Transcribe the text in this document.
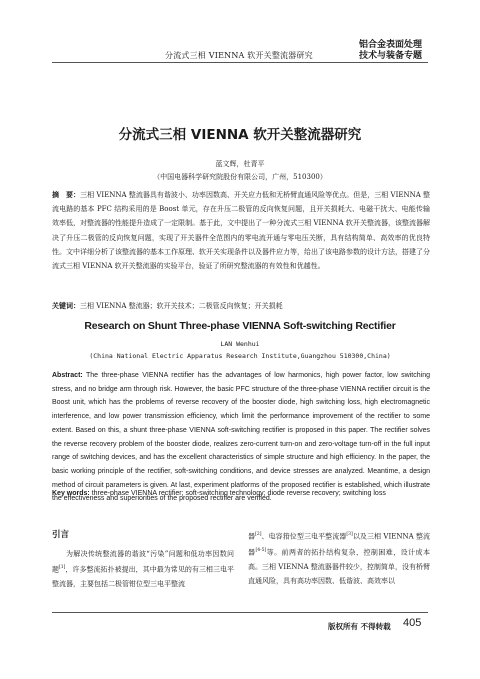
分流式三相 VIENNA 软开关整流器研究
铝合金表面处理
技术与装备专题
分流式三相 VIENNA 软开关整流器研究
蓝文辉，杜青平
（中国电器科学研究院股份有限公司，广州，510300）
摘　要：三相 VIENNA 整流器具有谐波小、功率因数高、开关应力低和无桥臂直通风险等优点。但是，三相 VIENNA 整流电路的基本 PFC 结构采用的是 Boost 单元，存在升压二极管的反向恢复问题，且开关损耗大、电磁干扰大、电能传输效率低，对整流器的性能提升造成了一定限制。基于此，文中提出了一种分流式三相 VIENNA 软开关整流器，该整流器解决了升压二极管的反向恢复问题，实现了开关器件全范围内的零电流开通与零电压关断，具有结构简单、高效率的优良特性。文中详细分析了该整流器的基本工作原理、软开关实现条件以及器件应力等，给出了该电路参数的设计方法，搭建了分流式三相 VIENNA 软开关整流器的实验平台，验证了所研究整流器的有效性和优越性。
关键词：三相 VIENNA 整流器；软开关技术；二极管反向恢复；开关损耗
Research on Shunt Three-phase VIENNA Soft-switching Rectifier
LAN Wenhui
(China National Electric Apparatus Research Institute,Guangzhou 510300,China)
Abstract: The three-phase VIENNA rectifier has the advantages of low harmonics, high power factor, low switching stress, and no bridge arm through risk. However, the basic PFC structure of the three-phase VIENNA rectifier circuit is the Boost unit, which has the problems of reverse recovery of the booster diode, high switching loss, high electromagnetic interference, and low power transmission efficiency, which limit the performance improvement of the rectifier to some extent. Based on this, a shunt three-phase VIENNA soft-switching rectifier is proposed in this paper. The rectifier solves the reverse recovery problem of the booster diode, realizes zero-current turn-on and zero-voltage turn-off in the full input range of switching devices, and has the excellent characteristics of simple structure and high efficiency. In the paper, the basic working principle of the rectifier, soft-switching conditions, and device stresses are analyzed. Meantime, a design method of circuit parameters is given. At last, experiment platforms of the proposed rectifier is established, which illustrate the effectiveness and superiorities of the proposed rectifier are verified.
Key words: three-phase VIENNA rectifier; soft-switching technology; diode reverse recovery; switching loss
引言

为解决传统整流器的谐波“污染”问题和低功率因数问题[1]，许多整流拓扑被提出，其中最为常见的有三相三电平整流器，主要包括二极管钳位型三电平整流

器[2]、电容箝位型三电平整流器[3]以及三相 VIENNA 整流器[4-5]等。前两者的拓扑结构复杂，控制困难，设计成本高。三相 VIENNA 整流器器件较少，控制简单，没有桥臂直通风险，具有高功率因数、低谐波、高效率以

版权所有 不得转载 405
